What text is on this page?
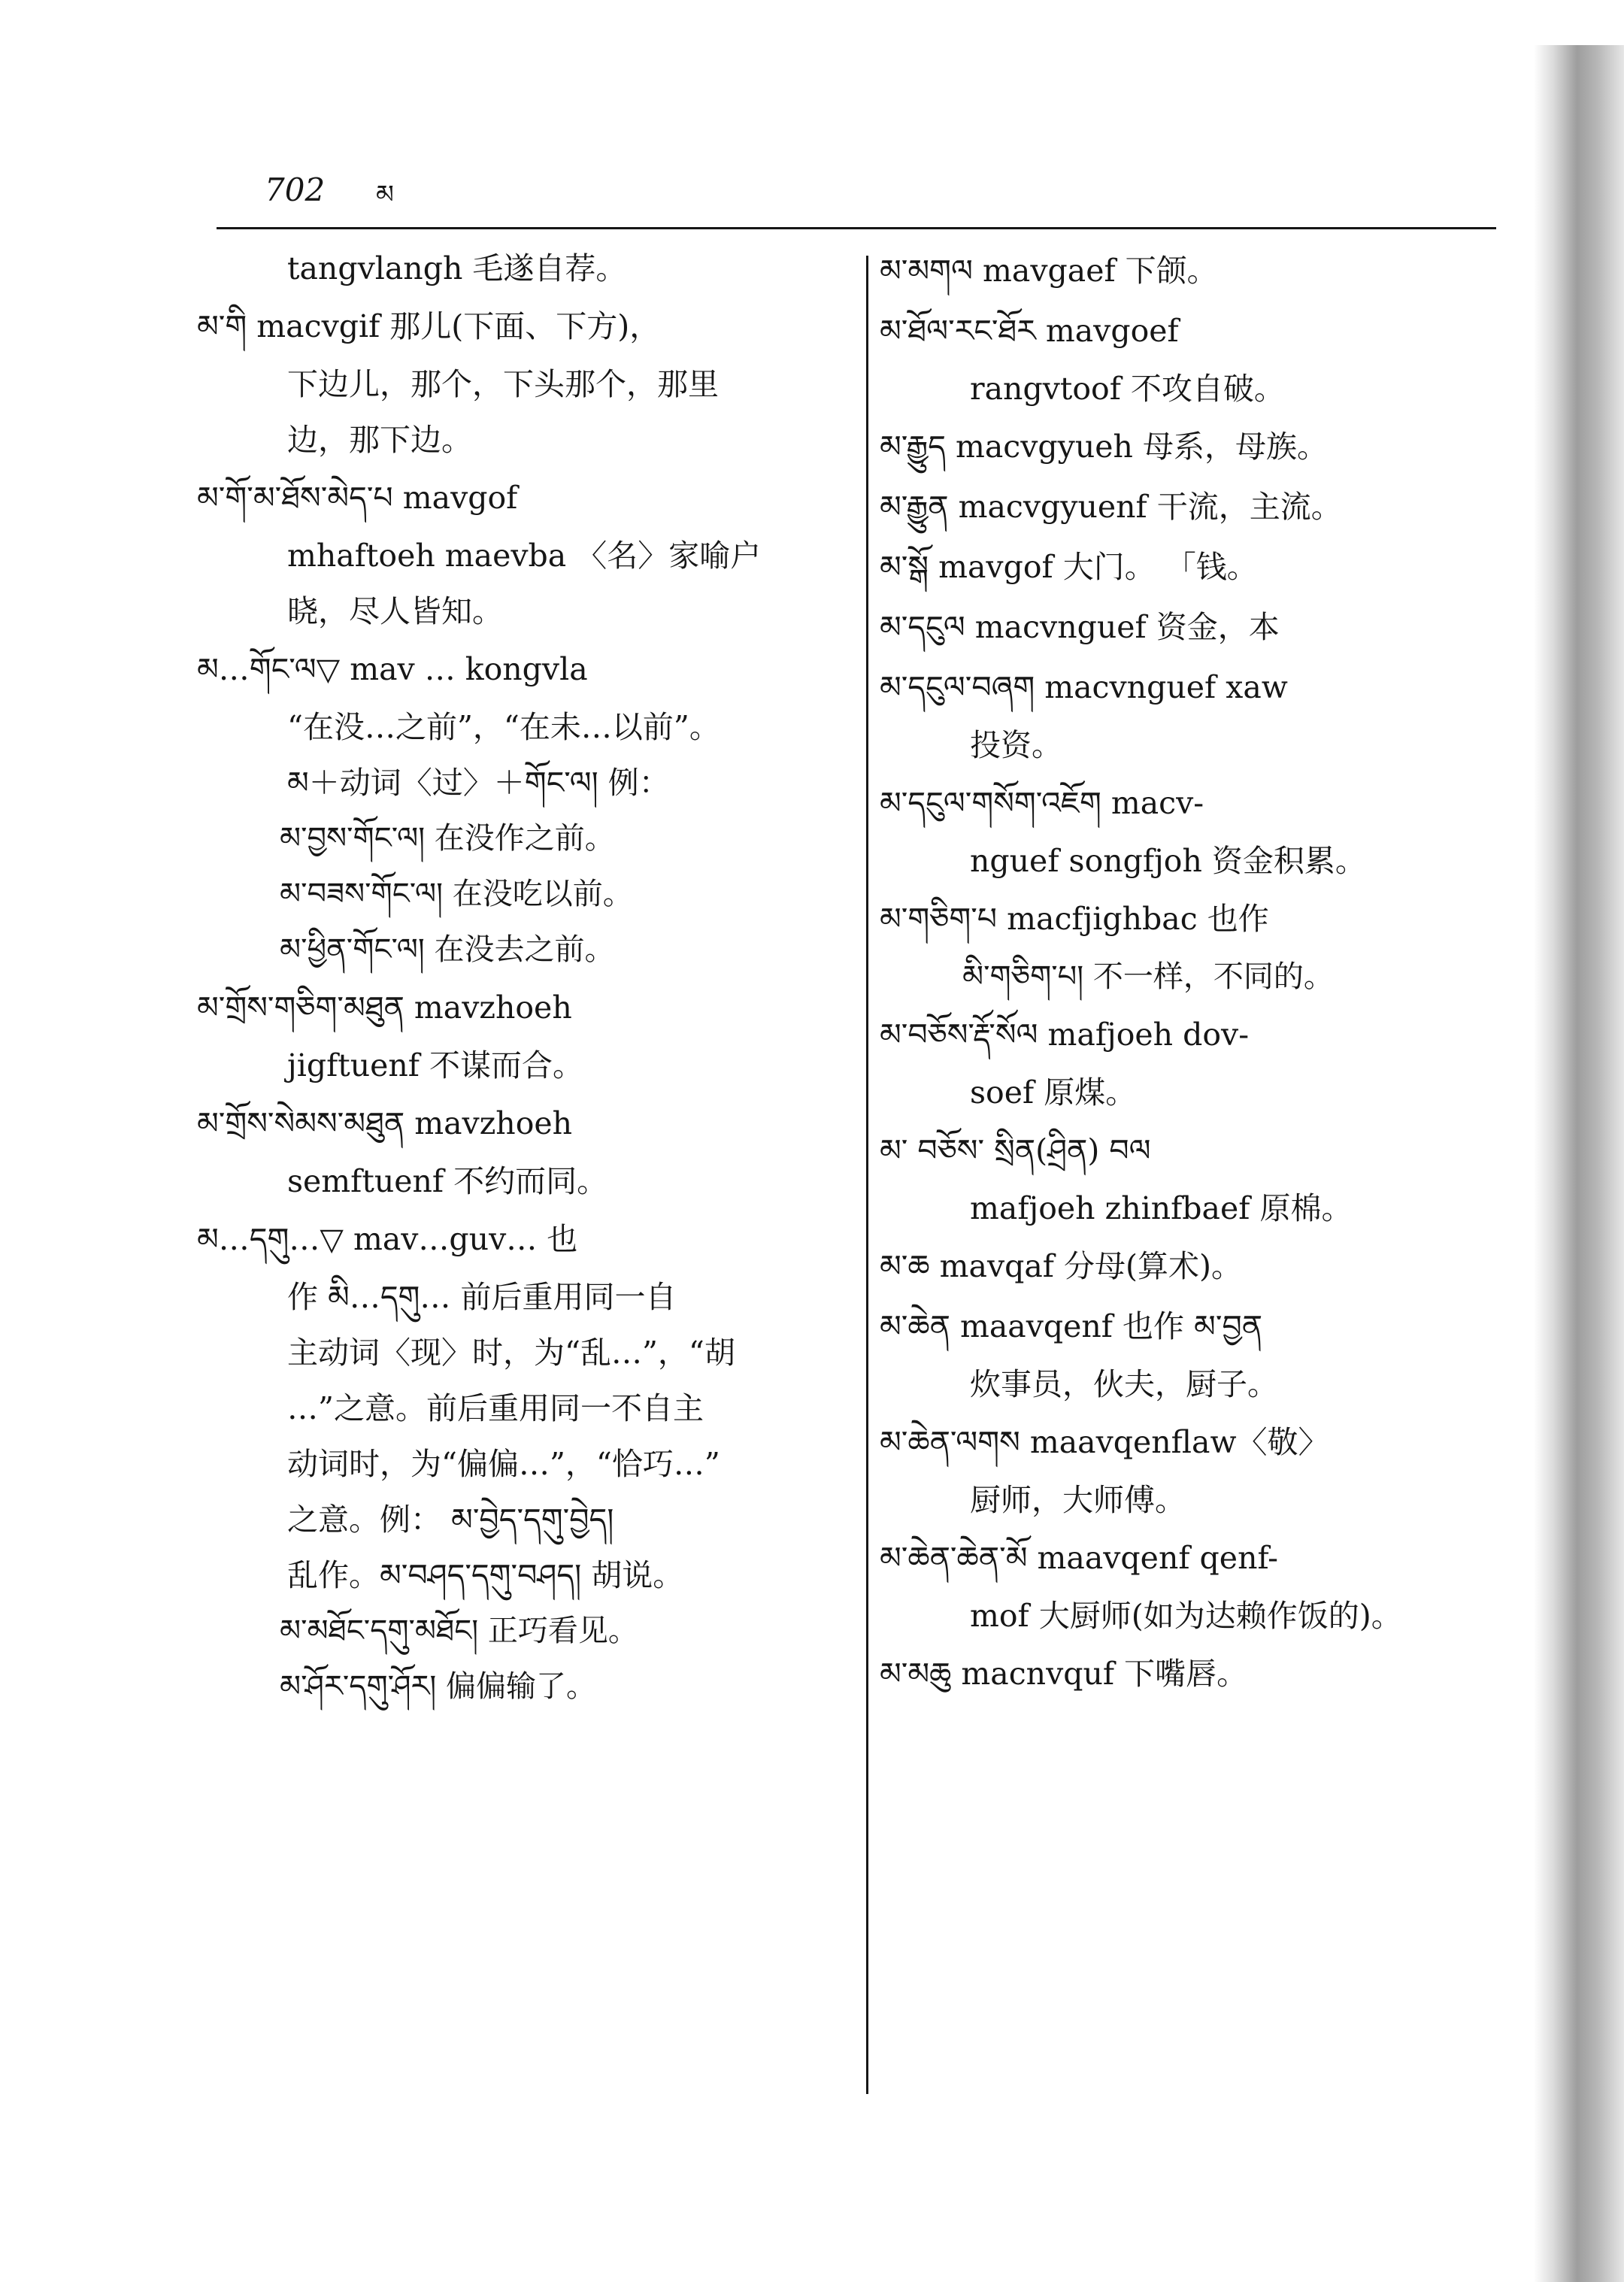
702 མ
tangvlangh 毛遂自荐。
མ་གི macvgif 那儿(下面、下方)，
下边儿，那个，下头那个，那里
边，那下边。
མ་གོ་མ་ཐོས་མེད་པ mavgof
mhaftoeh maevba 〈名〉家喻户
晓，尽人皆知。
མ…གོང་ལ▽ mav … kongvla
“在没…之前”，“在未…以前”。
མ＋动词〈过〉＋གོང་ལ། 例：
མ་བྱས་གོང་ལ། 在没作之前。
མ་བཟས་གོང་ལ། 在没吃以前。
མ་ཕྱིན་གོང་ལ། 在没去之前。
མ་གྲོས་གཅིག་མཐུན mavzhoeh
jigftuenf 不谋而合。
མ་གྲོས་སེམས་མཐུན mavzhoeh
semftuenf 不约而同。
མ…དགུ…▽ mav…guv… 也
作 མི…དགུ… 前后重用同一自
主动词〈现〉时，为“乱…”，“胡
…”之意。前后重用同一不自主
动词时，为“偏偏…”，“恰巧…”
之意。例： མ་བྱེད་དགུ་བྱེད།
乱作。མ་བཤད་དགུ་བཤད། 胡说。
མ་མཐོང་དགུ་མཐོང། 正巧看见。
མ་ཤོར་དགུ་ཤོར། 偏偏输了。
མ་མགལ mavgaef 下颌。
མ་ཐོལ་རང་ཐོར mavgoef
rangvtoof 不攻自破。
མ་རྒྱུད macvgyueh 母系，母族。
མ་རྒྱུན macvgyuenf 干流，主流。
མ་སྒོ mavgof 大门。 「钱。
མ་དངུལ macvnguef 资金，本
མ་དངུལ་བཞག macvnguef xaw
投资。
མ་དངུལ་གསོག་འཇོག macv-
nguef songfjoh 资金积累。
མ་གཅིག་པ macfjighbac 也作
མི་གཅིག་པ། 不一样，不同的。
མ་བཅོས་རྡོ་སོལ mafjoeh dov-
soef 原煤。
མ་ བཅོས་ སྲིན(ཤྲིན) བལ
mafjoeh zhinfbaef 原棉。
མ་ཆ mavqaf 分母(算术)。
མ་ཆེན maavqenf 也作 མ་བྱན
炊事员，伙夫，厨子。
མ་ཆེན་ལགས maavqenflaw〈敬〉
厨师，大师傅。
མ་ཆེན་ཆེན་མོ maavqenf qenf-
mof 大厨师(如为达赖作饭的)。
མ་མཆུ macnvquf 下嘴唇。
